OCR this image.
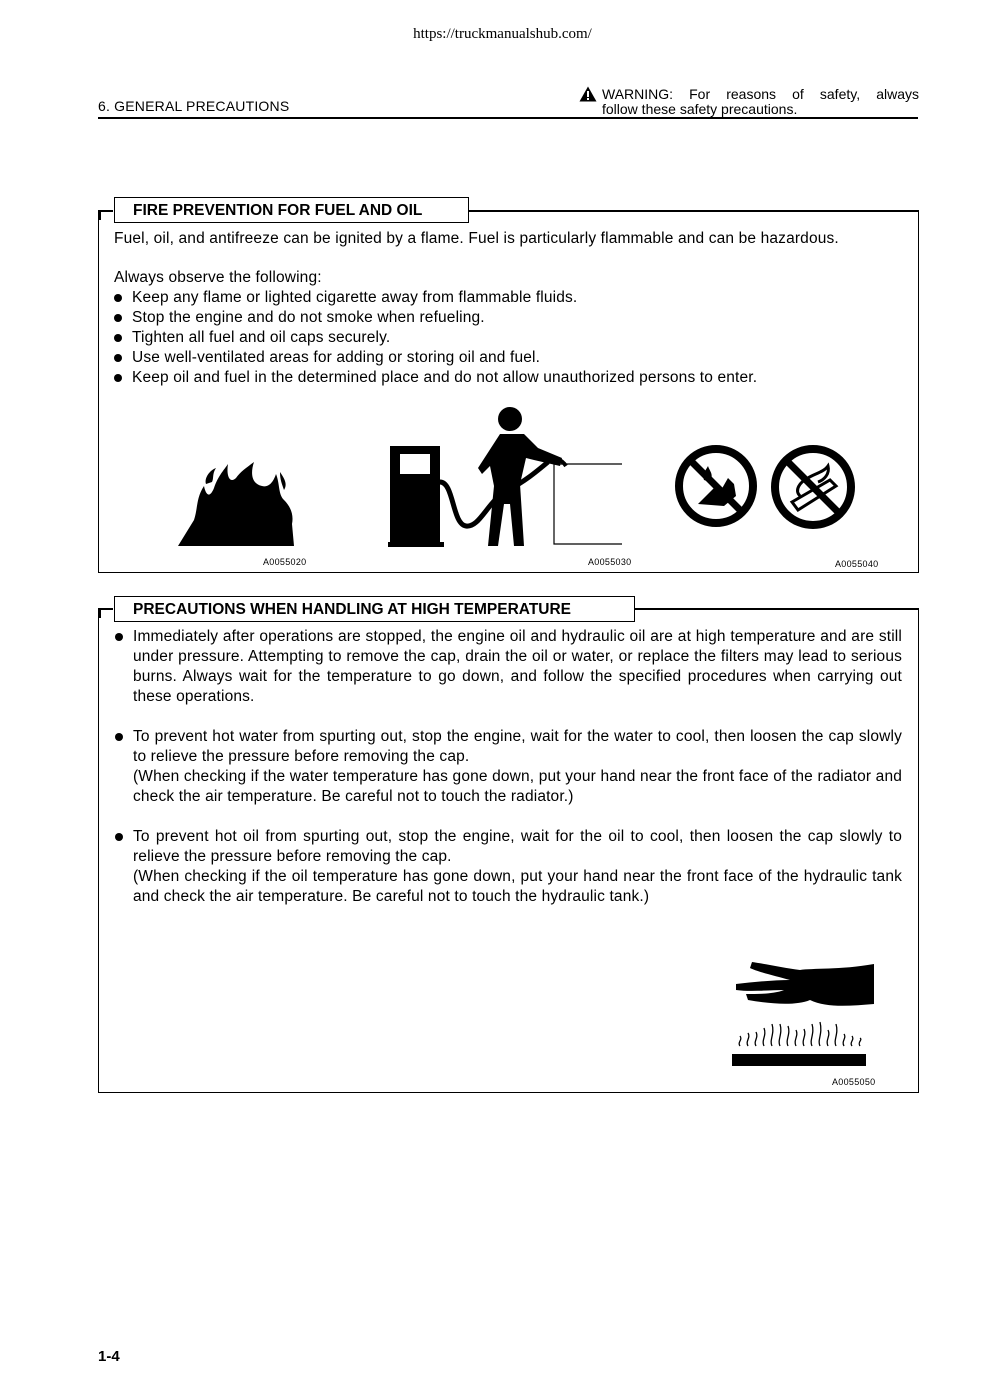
https://truckmanualshub.com/
6. GENERAL PRECAUTIONS
WARNING: For reasons of safety, always
follow these safety precautions.
FIRE PREVENTION FOR FUEL AND OIL
Fuel, oil, and antifreeze can be ignited by a flame. Fuel is particularly flammable and can be hazardous.
Always observe the following:
Keep any flame or lighted cigarette away from flammable fluids.
Stop the engine and do not smoke when refueling.
Tighten all fuel and oil caps securely.
Use well-ventilated areas for adding or storing oil and fuel.
Keep oil and fuel in the determined place and do not allow unauthorized persons to enter.
A0055020	A0055030	A0055040
PRECAUTIONS WHEN HANDLING AT HIGH TEMPERATURE
Immediately after operations are stopped, the engine oil and hydraulic oil are at high temperature and are still under pressure. Attempting to remove the cap, drain the oil or water, or replace the filters may lead to serious burns. Always wait for the temperature to go down, and follow the specified procedures when carrying out these operations.
To prevent hot water from spurting out, stop the engine, wait for the water to cool, then loosen the cap slowly to relieve the pressure before removing the cap.
(When checking if the water temperature has gone down, put your hand near the front face of the radiator and check the air temperature. Be careful not to touch the radiator.)
To prevent hot oil from spurting out, stop the engine, wait for the oil to cool, then loosen the cap slowly to relieve the pressure before removing the cap.
(When checking if the oil temperature has gone down, put your hand near the front face of the hydraulic tank and check the air temperature. Be careful not to touch the hydraulic tank.)
A0055050
1-4
